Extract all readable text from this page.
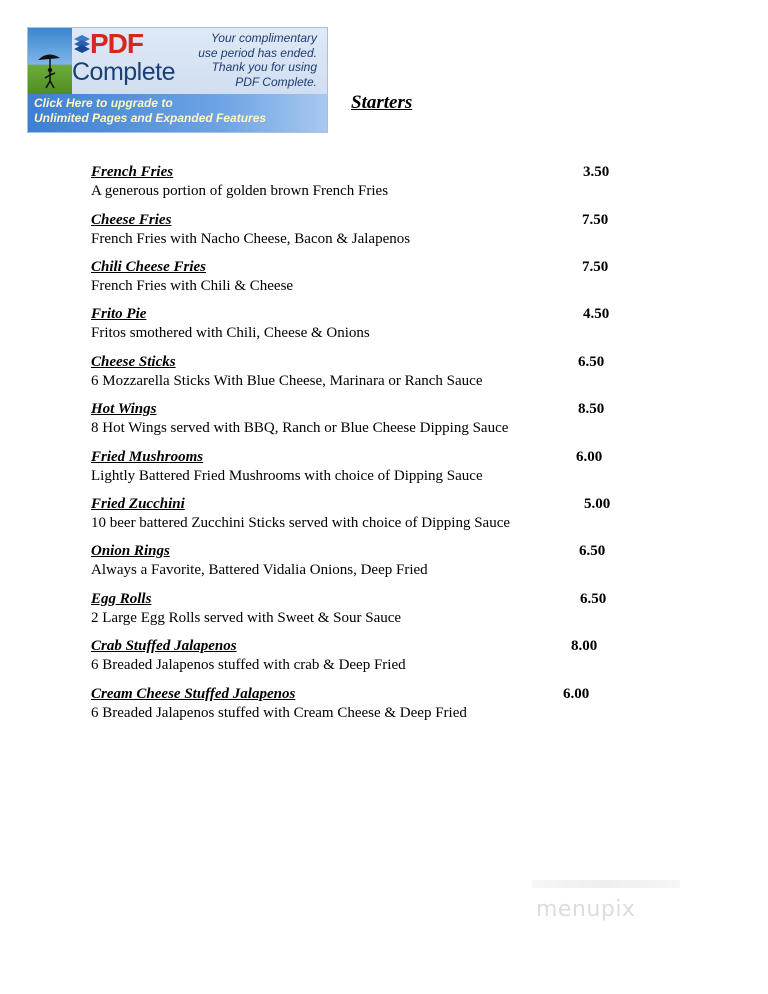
PDF
Complete
Your complimentary
use period has ended.
Thank you for using
PDF Complete.
Click Here to upgrade to
Unlimited Pages and Expanded Features
Starters
French Fries	3.50
A generous portion of golden brown French Fries
Cheese Fries	7.50
French Fries with Nacho Cheese, Bacon & Jalapenos
Chili Cheese Fries	7.50
French Fries with Chili & Cheese
Frito Pie	4.50
Fritos smothered with Chili, Cheese & Onions
Cheese Sticks	6.50
6 Mozzarella Sticks With Blue Cheese, Marinara or Ranch Sauce
Hot Wings	8.50
8 Hot Wings served with BBQ, Ranch or Blue Cheese Dipping Sauce
Fried Mushrooms	6.00
Lightly Battered Fried Mushrooms with choice of Dipping Sauce
Fried Zucchini	5.00
10 beer battered Zucchini Sticks served with choice of Dipping Sauce
Onion Rings	6.50
Always a Favorite, Battered Vidalia Onions, Deep Fried
Egg Rolls	6.50
2 Large Egg Rolls served with Sweet & Sour Sauce
Crab Stuffed Jalapenos	8.00
6 Breaded Jalapenos stuffed with crab & Deep Fried
Cream Cheese Stuffed Jalapenos	6.00
6 Breaded Jalapenos stuffed with Cream Cheese & Deep Fried
menupix
